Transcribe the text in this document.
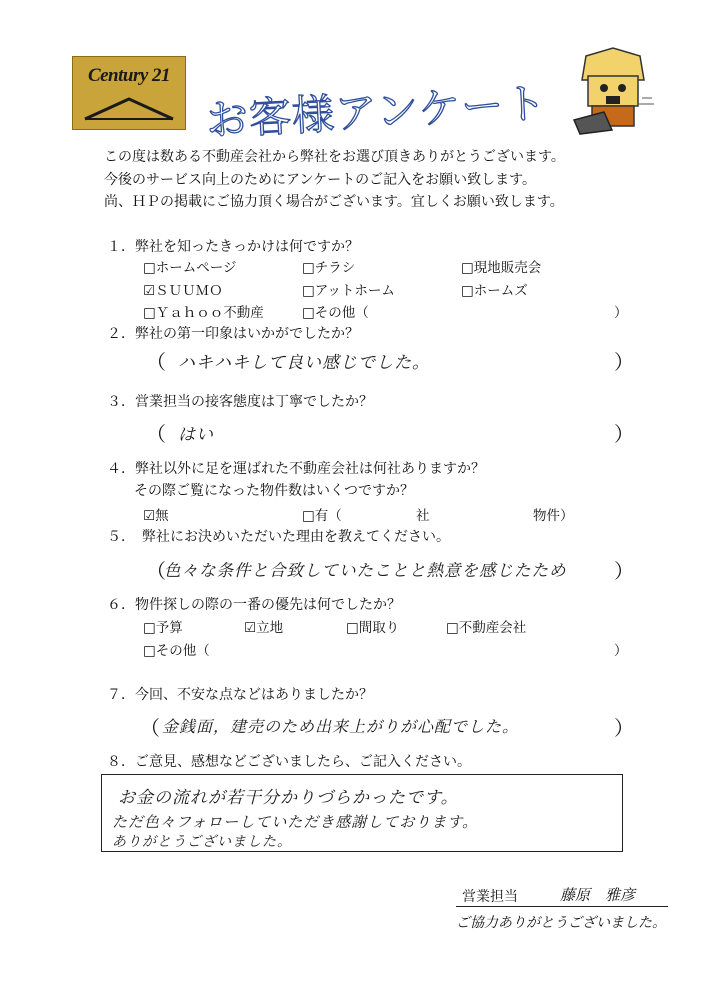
Century 21
お客様アンケート
この度は数ある不動産会社から弊社をお選び頂きありがとうございます。
今後のサービス向上のためにアンケートのご記入をお願い致します。
尚、ＨＰの掲載にご協力頂く場合がございます。宜しくお願い致します。
１．弊社を知ったきっかけは何ですか？
□ホームページ	□チラシ	□現地販売会
☑ＳＵＵＭＯ	□アットホーム	□ホームズ
□Ｙａｈｏｏ不動産	□その他（	）
２．弊社の第一印象はいかがでしたか？
（ ハキハキして良い感じでした。	）
３．営業担当の接客態度は丁寧でしたか？
（ はい	）
４．弊社以外に足を運ばれた不動産会社は何社ありますか？
その際ご覧になった物件数はいくつですか？
☑無	□有（	社	物件）
５．　弊社にお決めいただいた理由を教えてください。
（
色々な条件と合致していたことと熱意を感じたため ）
６．物件探しの際の一番の優先は何でしたか？
□予算	☑立地	□間取り	□不動産会社
□その他（	）
７．今回、不安な点などはありましたか？
（ 金銭面，建売のため出来上がりが心配でした。	）
８．ご意見、感想などございましたら、ご記入ください。
お金の流れが若干分かりづらかったです。
ただ色々フォローしていただき感謝しております。
ありがとうございました。
営業担当	藤原　雅彦
ご協力ありがとうございました。
